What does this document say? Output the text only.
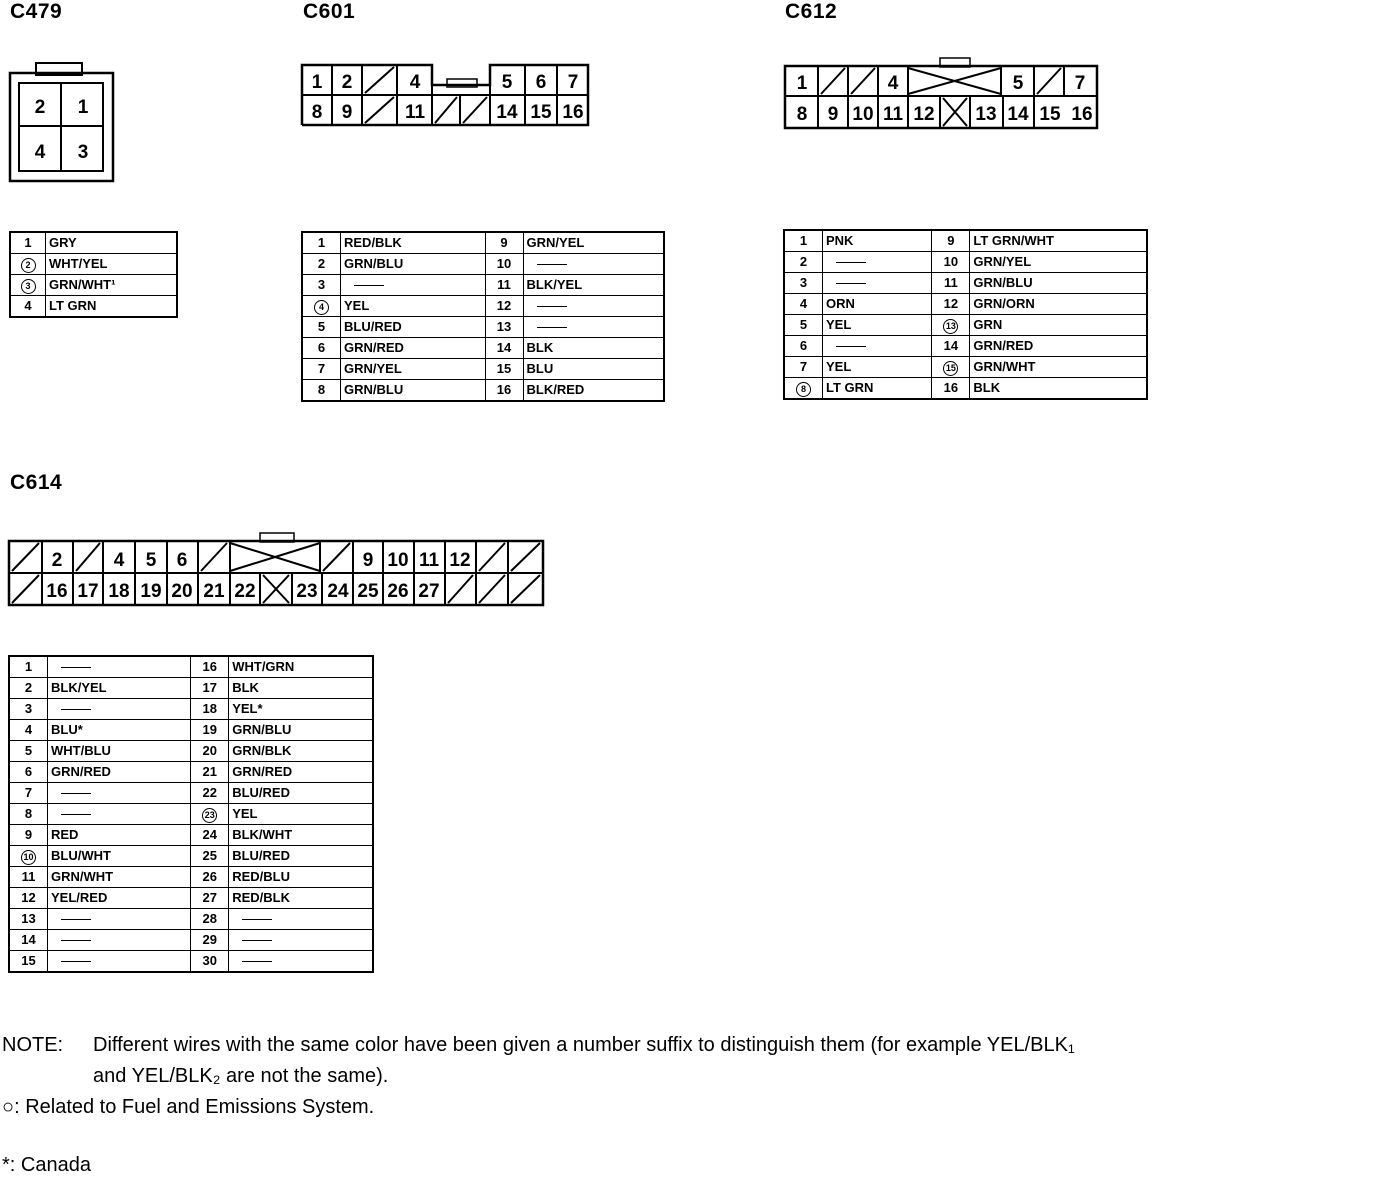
C479	C601	C612
C614
2 1
4 3
1 2	4	5 6 7
8 9	11	14 15 16
1	4	5	7
8 9 10 11 12 13 14 15 16
2	4 5 6	9 10 11 12
16 17 18 19 20 21 22 23 24 25 26 27
1	GRY
2	WHT/YEL
3	GRN/WHT¹
4	LT GRN
1	RED/BLK	9	GRN/YEL
2	GRN/BLU	10	
3		11	BLK/YEL
4	YEL	12	
5	BLU/RED	13	
6	GRN/RED	14	BLK
7	GRN/YEL	15	BLU
8	GRN/BLU	16	BLK/RED
1	PNK	9	LT GRN/WHT
2		10	GRN/YEL
3		11	GRN/BLU
4	ORN	12	GRN/ORN
5	YEL	13	GRN
6		14	GRN/RED
7	YEL	15	GRN/WHT
8	LT GRN	16	BLK
1		16	WHT/GRN
2	BLK/YEL	17	BLK
3		18	YEL*
4	BLU*	19	GRN/BLU
5	WHT/BLU	20	GRN/BLK
6	GRN/RED	21	GRN/RED
7		22	BLU/RED
8		23	YEL
9	RED	24	BLK/WHT
10	BLU/WHT	25	BLU/RED
11	GRN/WHT	26	RED/BLU
12	YEL/RED	27	RED/BLK
13		28	
14		29	
15		30	
NOTE: Different wires with the same color have been given a number suffix to distinguish them (for example YEL/BLK₁
and YEL/BLK₂ are not the same).
○: Related to Fuel and Emissions System.
*: Canada
